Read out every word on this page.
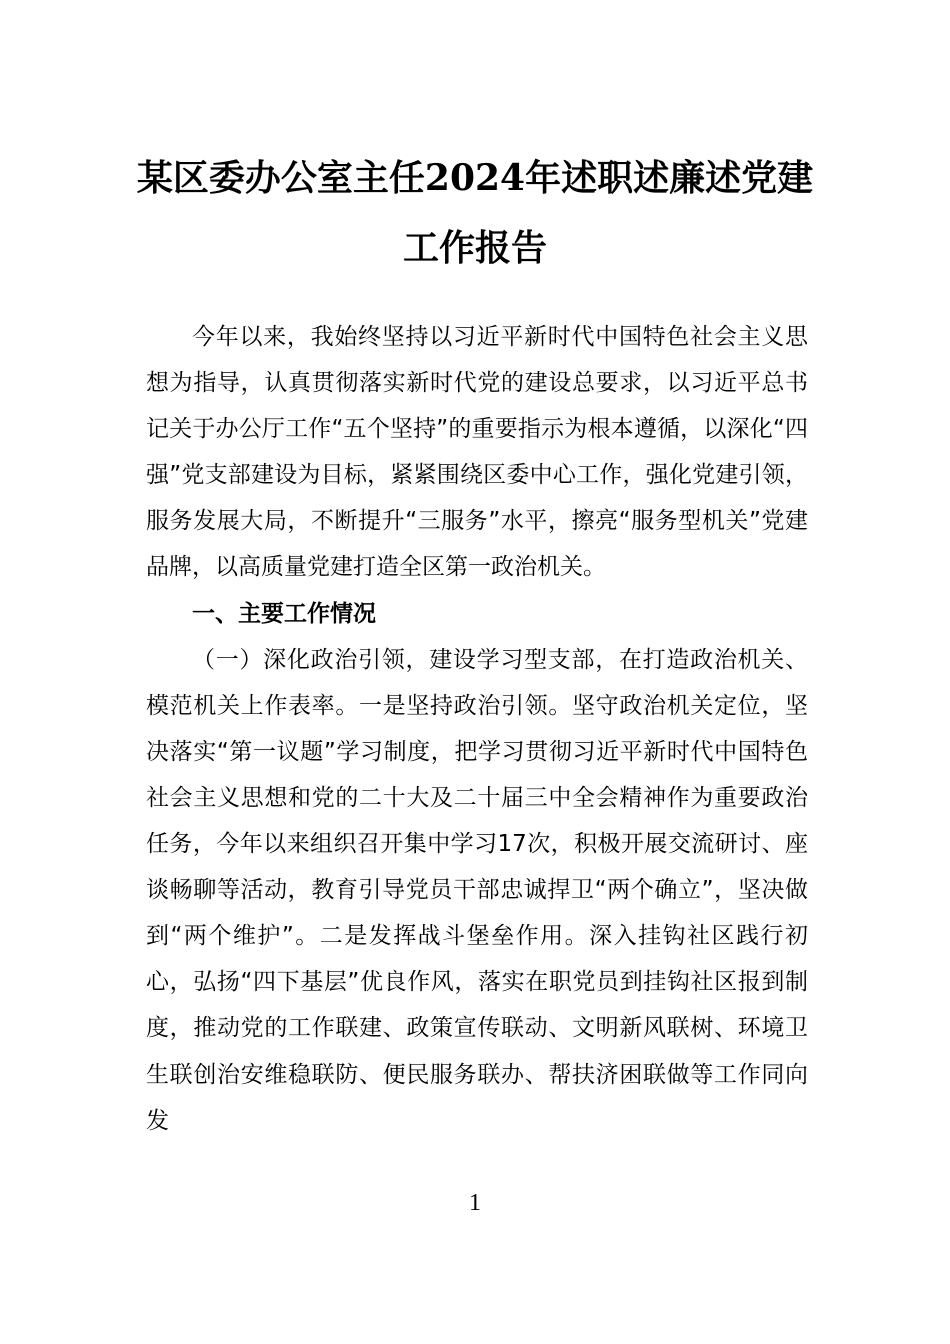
某区委办公室主任2024年述职述廉述党建
工作报告

今年以来，我始终坚持以习近平新时代中国特色社会主义思想为指导，认真贯彻落实新时代党的建设总要求，以习近平总书记关于办公厅工作“五个坚持”的重要指示为根本遵循，以深化“四强”党支部建设为目标，紧紧围绕区委中心工作，强化党建引领，服务发展大局，不断提升“三服务”水平，擦亮“服务型机关”党建品牌，以高质量党建打造全区第一政治机关。

一、主要工作情况

（一）深化政治引领，建设学习型支部，在打造政治机关、模范机关上作表率。一是坚持政治引领。坚守政治机关定位，坚决落实“第一议题”学习制度，把学习贯彻习近平新时代中国特色社会主义思想和党的二十大及二十届三中全会精神作为重要政治任务，今年以来组织召开集中学习17次，积极开展交流研讨、座谈畅聊等活动，教育引导党员干部忠诚捍卫“两个确立”，坚决做到“两个维护”。二是发挥战斗堡垒作用。深入挂钩社区践行初心，弘扬“四下基层”优良作风，落实在职党员到挂钩社区报到制度，推动党的工作联建、政策宣传联动、文明新风联树、环境卫生联创治安维稳联防、便民服务联办、帮扶济困联做等工作同向发

1
